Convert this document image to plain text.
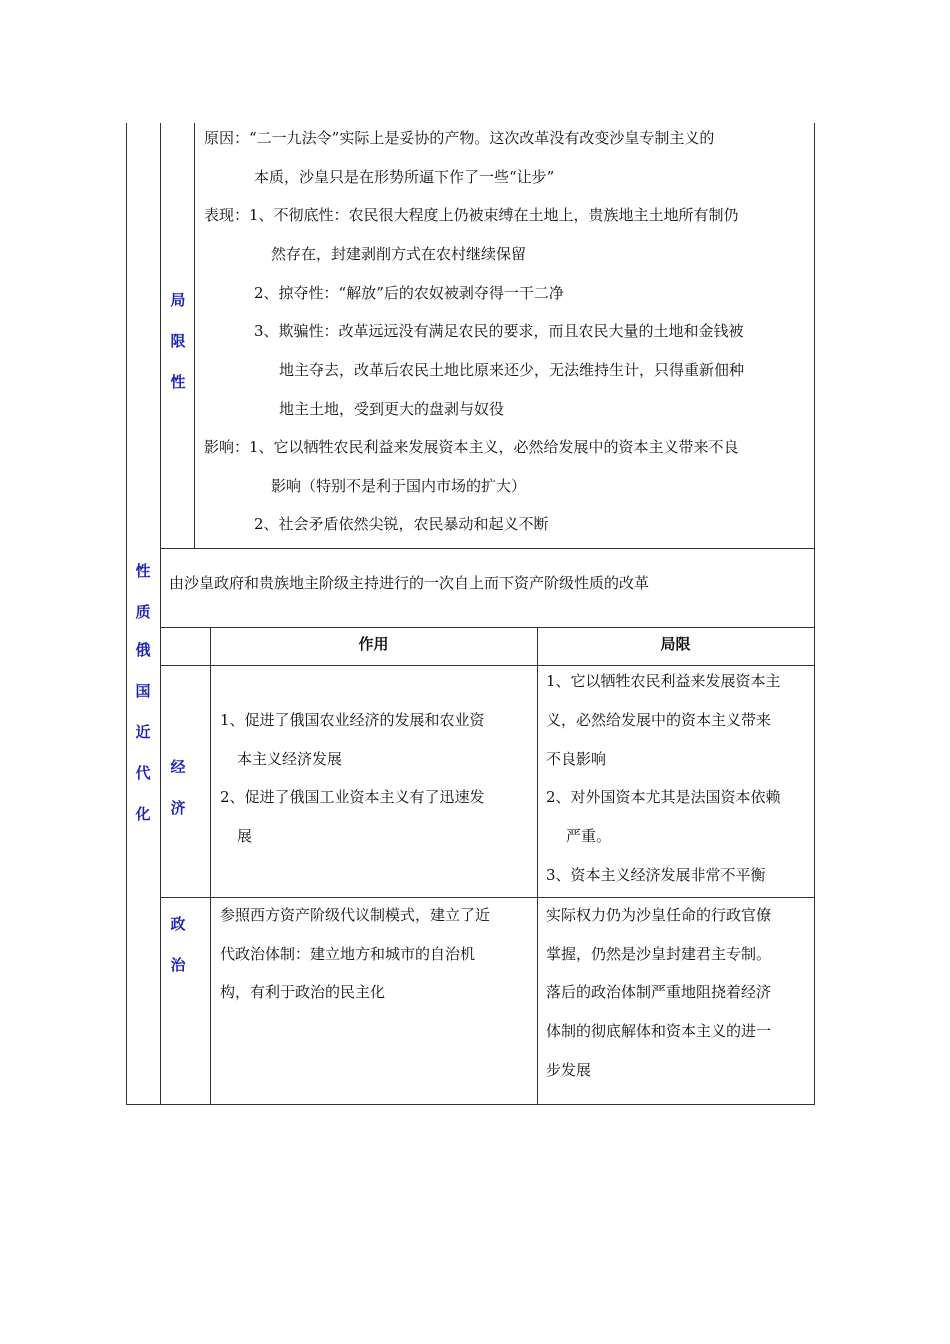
局
限
性
原因：“二一九法令”实际上是妥协的产物。这次改革没有改变沙皇专制主义的
本质，沙皇只是在形势所逼下作了一些“让步”
表现：1、不彻底性：农民很大程度上仍被束缚在土地上，贵族地主土地所有制仍
然存在，封建剥削方式在农村继续保留
2、掠夺性：“解放”后的农奴被剥夺得一干二净
3、欺骗性：改革远远没有满足农民的要求，而且农民大量的土地和金钱被
地主夺去，改革后农民土地比原来还少，无法维持生计，只得重新佃种
地主土地，受到更大的盘剥与奴役
影响：1、它以牺牲农民利益来发展资本主义，必然给发展中的资本主义带来不良
影响（特别不是利于国内市场的扩大）
2、社会矛盾依然尖锐，农民暴动和起义不断
性
质
由沙皇政府和贵族地主阶级主持进行的一次自上而下资产阶级性质的改革
俄
国
近
代
化
作用	局限
经
济
1、促进了俄国农业经济的发展和农业资
本主义经济发展
2、促进了俄国工业资本主义有了迅速发
展
1、它以牺牲农民利益来发展资本主
义，必然给发展中的资本主义带来
不良影响
2、对外国资本尤其是法国资本依赖
严重。
3、资本主义经济发展非常不平衡
政
治
参照西方资产阶级代议制模式，建立了近
代政治体制：建立地方和城市的自治机
构，有利于政治的民主化
实际权力仍为沙皇任命的行政官僚
掌握，仍然是沙皇封建君主专制。
落后的政治体制严重地阻挠着经济
体制的彻底解体和资本主义的进一
步发展
